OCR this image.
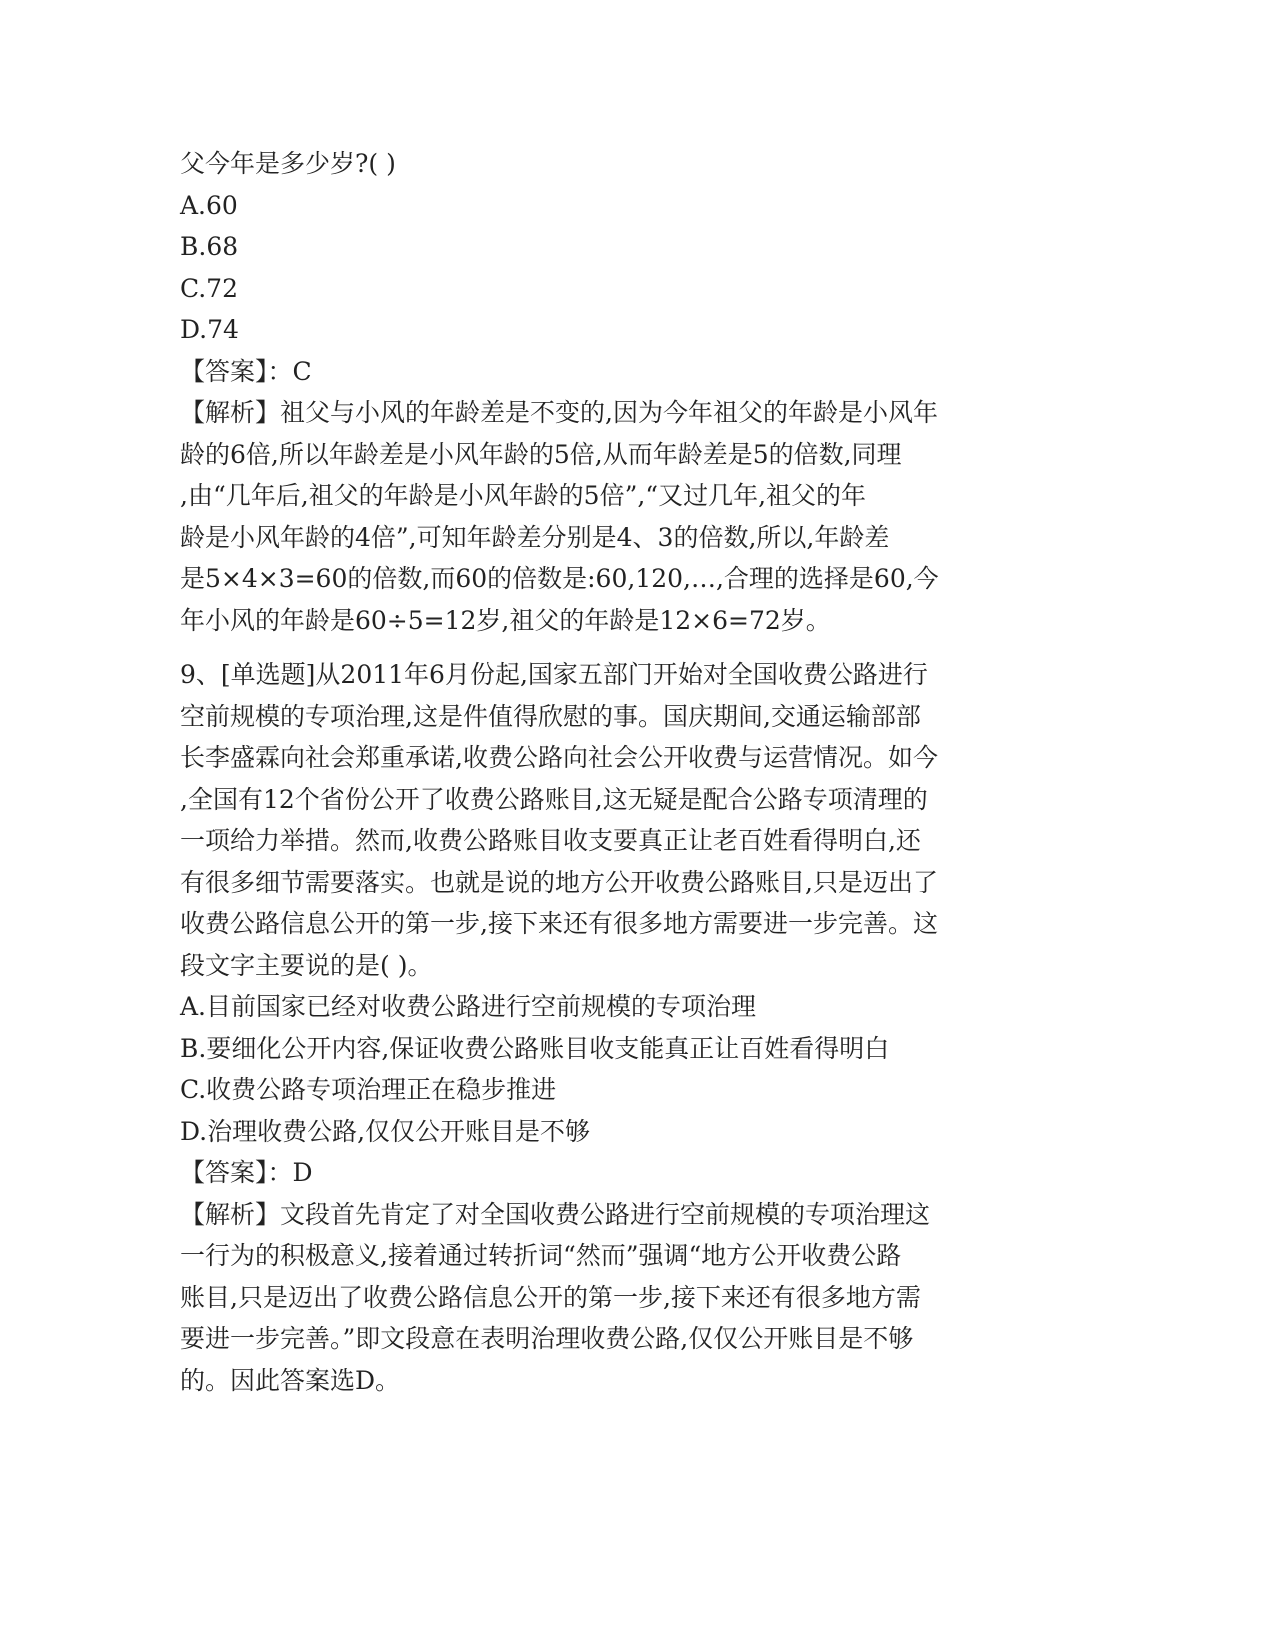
父今年是多少岁?( )
A.60
B.68
C.72
D.74
【答案】：C
【解析】祖父与小风的年龄差是不变的,因为今年祖父的年龄是小风年
龄的6倍,所以年龄差是小风年龄的5倍,从而年龄差是5的倍数,同理
,由“几年后,祖父的年龄是小风年龄的5倍”,“又过几年,祖父的年
龄是小风年龄的4倍”,可知年龄差分别是4、3的倍数,所以,年龄差
是5×4×3=60的倍数,而60的倍数是:60,120,…,合理的选择是60,今
年小风的年龄是60÷5=12岁,祖父的年龄是12×6=72岁。
9、[单选题]从2011年6月份起,国家五部门开始对全国收费公路进行
空前规模的专项治理,这是件值得欣慰的事。国庆期间,交通运输部部
长李盛霖向社会郑重承诺,收费公路向社会公开收费与运营情况。如今
,全国有12个省份公开了收费公路账目,这无疑是配合公路专项清理的
一项给力举措。然而,收费公路账目收支要真正让老百姓看得明白,还
有很多细节需要落实。也就是说的地方公开收费公路账目,只是迈出了
收费公路信息公开的第一步,接下来还有很多地方需要进一步完善。这
段文字主要说的是( )。
A.目前国家已经对收费公路进行空前规模的专项治理
B.要细化公开内容,保证收费公路账目收支能真正让百姓看得明白
C.收费公路专项治理正在稳步推进
D.治理收费公路,仅仅公开账目是不够
【答案】：D
【解析】文段首先肯定了对全国收费公路进行空前规模的专项治理这
一行为的积极意义,接着通过转折词“然而”强调“地方公开收费公路
账目,只是迈出了收费公路信息公开的第一步,接下来还有很多地方需
要进一步完善。”即文段意在表明治理收费公路,仅仅公开账目是不够
的。因此答案选D。
